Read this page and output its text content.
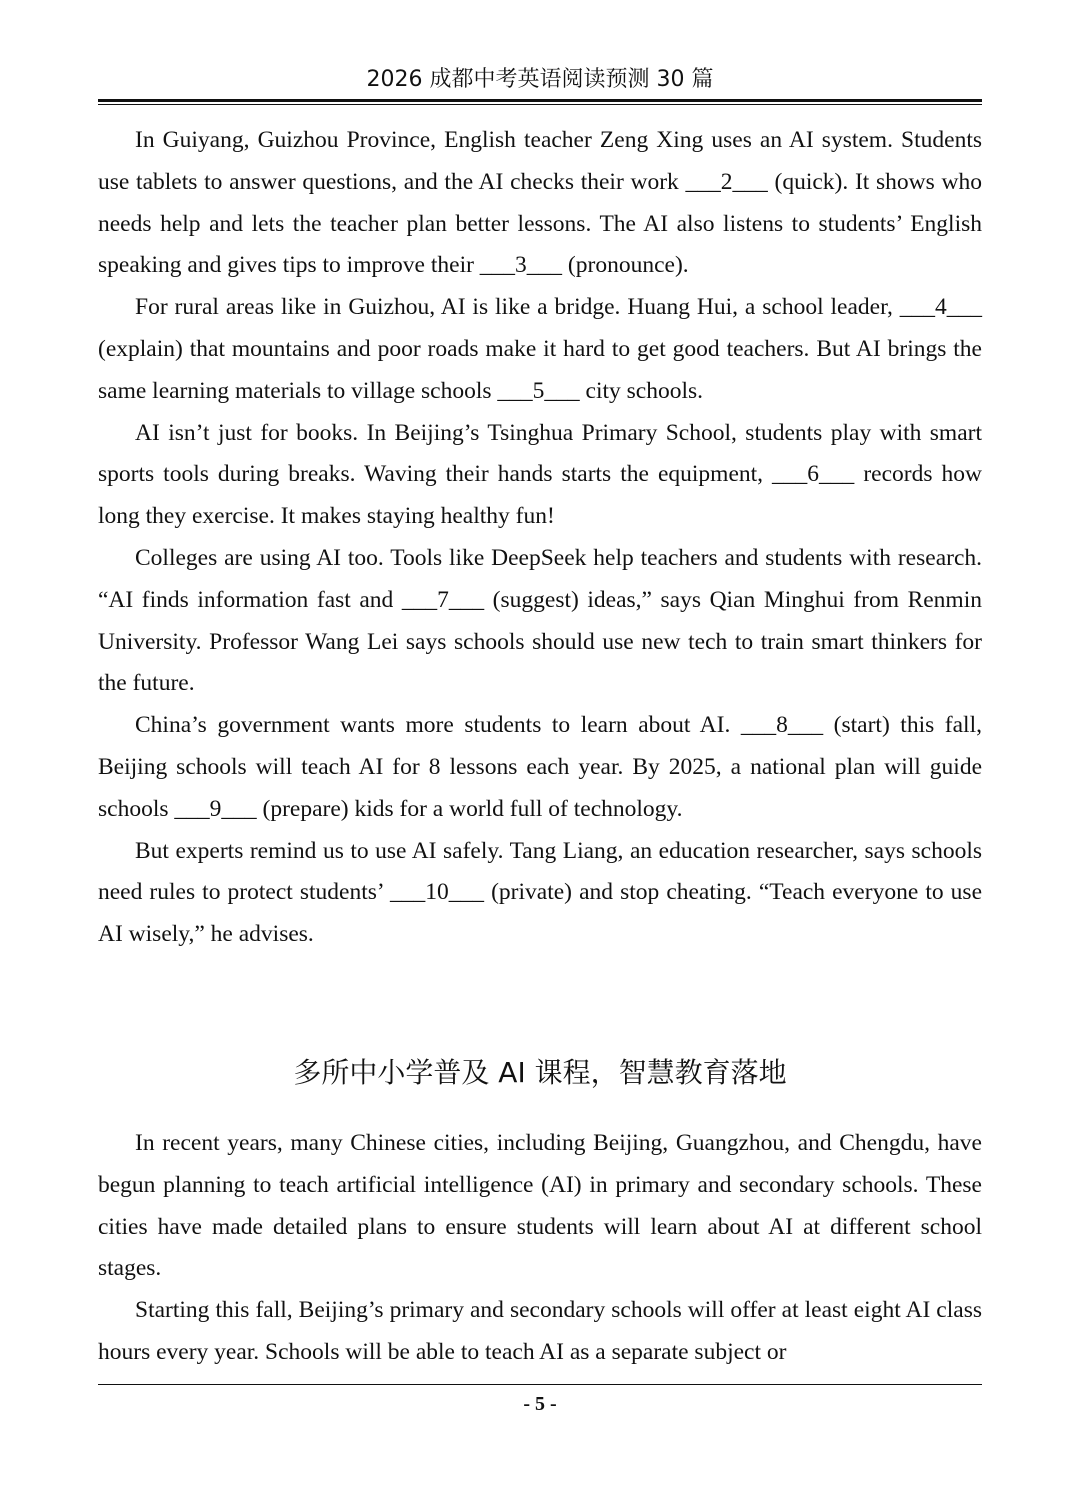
2026 成都中考英语阅读预测 30 篇

In Guiyang, Guizhou Province, English teacher Zeng Xing uses an AI system. Students use tablets to answer questions, and the AI checks their work ___2___ (quick). It shows who needs help and lets the teacher plan better lessons. The AI also listens to students’ English speaking and gives tips to improve their ___3___ (pronounce).

For rural areas like in Guizhou, AI is like a bridge. Huang Hui, a school leader, ___4___ (explain) that mountains and poor roads make it hard to get good teachers. But AI brings the same learning materials to village schools ___5___ city schools.

AI isn’t just for books. In Beijing’s Tsinghua Primary School, students play with smart sports tools during breaks. Waving their hands starts the equipment, ___6___ records how long they exercise. It makes staying healthy fun!

Colleges are using AI too. Tools like DeepSeek help teachers and students with research. “AI finds information fast and ___7___ (suggest) ideas,” says Qian Minghui from Renmin University. Professor Wang Lei says schools should use new tech to train smart thinkers for the future.

China’s government wants more students to learn about AI. ___8___ (start) this fall, Beijing schools will teach AI for 8 lessons each year. By 2025, a national plan will guide schools ___9___ (prepare) kids for a world full of technology.

But experts remind us to use AI safely. Tang Liang, an education researcher, says schools need rules to protect students’ ___10___ (private) and stop cheating. “Teach everyone to use AI wisely,” he advises.

多所中小学普及 AI 课程，智慧教育落地

In recent years, many Chinese cities, including Beijing, Guangzhou, and Chengdu, have begun planning to teach artificial intelligence (AI) in primary and secondary schools. These cities have made detailed plans to ensure students will learn about AI at different school stages.

Starting this fall, Beijing’s primary and secondary schools will offer at least eight AI class hours every year. Schools will be able to teach AI as a separate subject or

- 5 -
